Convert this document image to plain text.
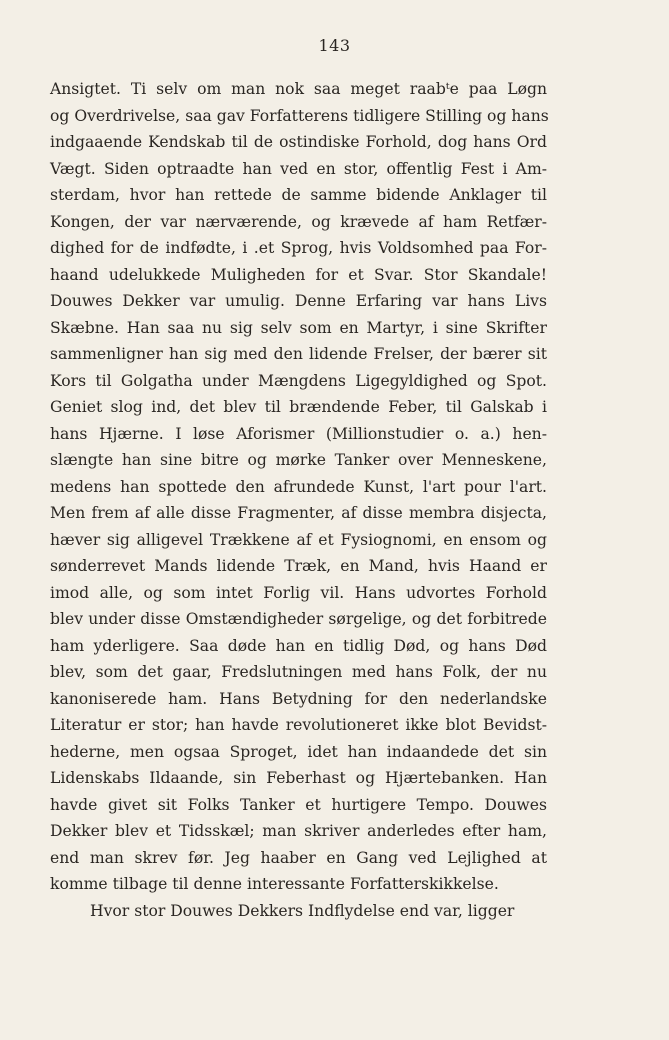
143
Ansigtet. Ti selv om man nok saa meget raabᵗe paa Løgn
og Overdrivelse, saa gav Forfatterens tidligere Stilling og hans
indgaaende Kendskab til de ostindiske Forhold, dog hans Ord
Vægt. Siden optraadte han ved en stor, offentlig Fest i Am-
sterdam, hvor han rettede de samme bidende Anklager til
Kongen, der var nærværende, og krævede af ham Retfær-
dighed for de indfødte, i .et Sprog, hvis Voldsomhed paa For-
haand udelukkede Muligheden for et Svar. Stor Skandale!
Douwes Dekker var umulig. Denne Erfaring var hans Livs
Skæbne. Han saa nu sig selv som en Martyr, i sine Skrifter
sammenligner han sig med den lidende Frelser, der bærer sit
Kors til Golgatha under Mængdens Ligegyldighed og Spot.
Geniet slog ind, det blev til brændende Feber, til Galskab i
hans Hjærne. I løse Aforismer (Millionstudier o. a.) hen-
slængte han sine bitre og mørke Tanker over Menneskene,
medens han spottede den afrundede Kunst, l'art pour l'art.
Men frem af alle disse Fragmenter, af disse membra disjecta,
hæver sig alligevel Trækkene af et Fysiognomi, en ensom og
sønderrevet Mands lidende Træk, en Mand, hvis Haand er
imod alle, og som intet Forlig vil. Hans udvortes Forhold
blev under disse Omstændigheder sørgelige, og det forbitrede
ham yderligere. Saa døde han en tidlig Død, og hans Død
blev, som det gaar, Fredslutningen med hans Folk, der nu
kanoniserede ham. Hans Betydning for den nederlandske
Literatur er stor; han havde revolutioneret ikke blot Bevidst-
hederne, men ogsaa Sproget, idet han indaandede det sin
Lidenskabs Ildaande, sin Feberhast og Hjærtebanken. Han
havde givet sit Folks Tanker et hurtigere Tempo. Douwes
Dekker blev et Tidsskæl; man skriver anderledes efter ham,
end man skrev før. Jeg haaber en Gang ved Lejlighed at
komme tilbage til denne interessante Forfatterskikkelse.
Hvor stor Douwes Dekkers Indflydelse end var, ligger
